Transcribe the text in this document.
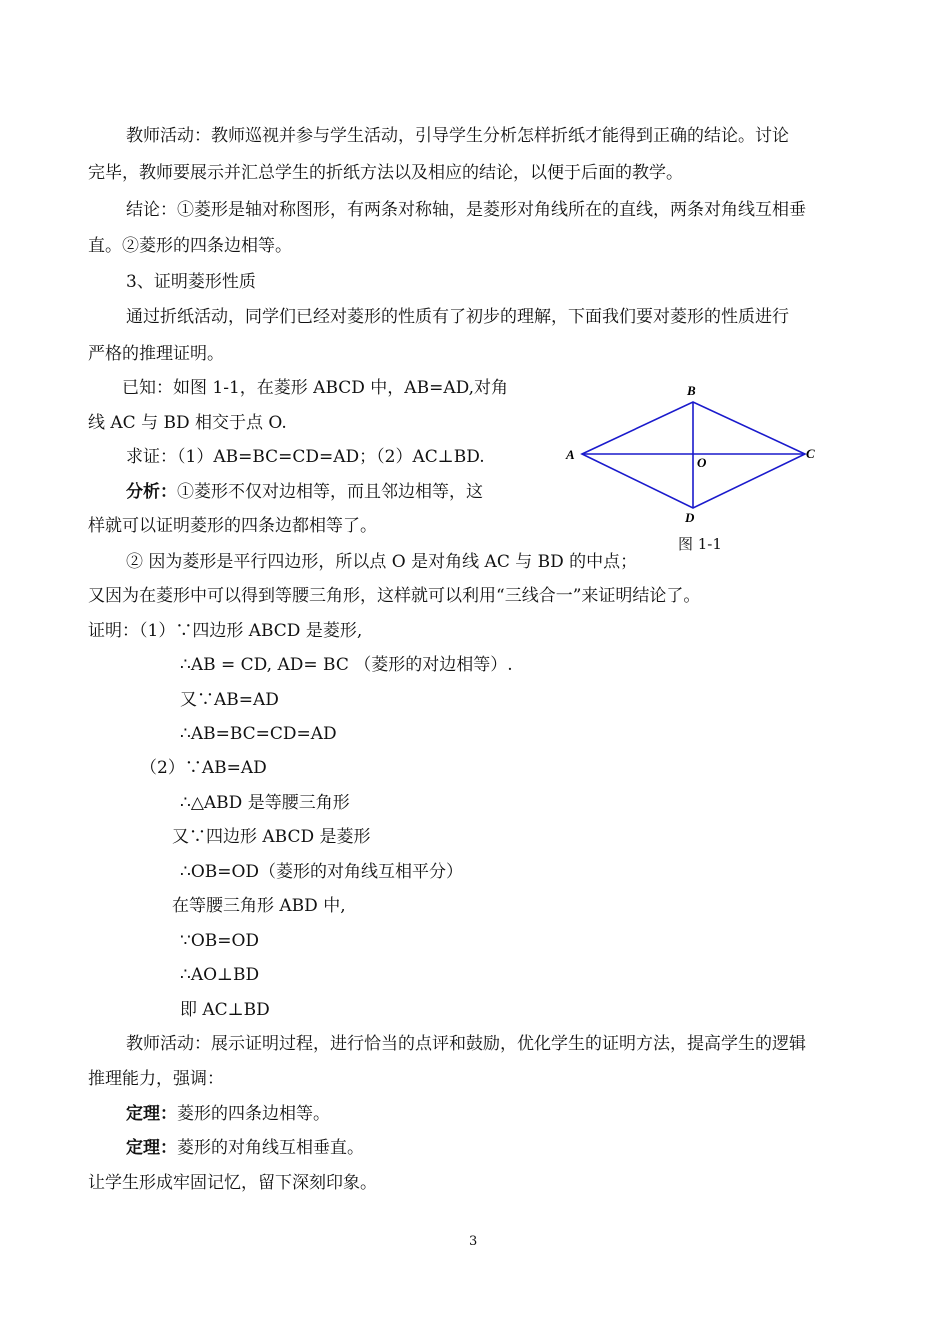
教师活动：教师巡视并参与学生活动，引导学生分析怎样折纸才能得到正确的结论。讨论
完毕，教师要展示并汇总学生的折纸方法以及相应的结论，以便于后面的教学。
结论：①菱形是轴对称图形，有两条对称轴，是菱形对角线所在的直线，两条对角线互相垂
直。②菱形的四条边相等。
3、证明菱形性质
通过折纸活动，同学们已经对菱形的性质有了初步的理解，下面我们要对菱形的性质进行
严格的推理证明。
已知：如图 1-1，在菱形 ABCD 中，AB=AD,对角
线 AC 与 BD 相交于点 O.
求证：（1）AB=BC=CD=AD；（2）AC⊥BD.
分析：①菱形不仅对边相等，而且邻边相等，这
样就可以证明菱形的四条边都相等了。
② 因为菱形是平行四边形，所以点 O 是对角线 AC 与 BD 的中点；
又因为在菱形中可以得到等腰三角形，这样就可以利用“三线合一”来证明结论了。
A
B
C
D
O
图 1-1
证明：（1）∵四边形 ABCD 是菱形,
∴AB = CD, AD= BC （菱形的对边相等）.
又∵AB=AD
∴AB=BC=CD=AD
（2）∵AB=AD
∴△ABD 是等腰三角形
又∵四边形 ABCD 是菱形
∴OB=OD（菱形的对角线互相平分）
在等腰三角形 ABD 中,
∵OB=OD
∴AO⊥BD
即 AC⊥BD
教师活动：展示证明过程，进行恰当的点评和鼓励，优化学生的证明方法，提高学生的逻辑
推理能力，强调：
定理：菱形的四条边相等。
定理：菱形的对角线互相垂直。
让学生形成牢固记忆，留下深刻印象。
3
